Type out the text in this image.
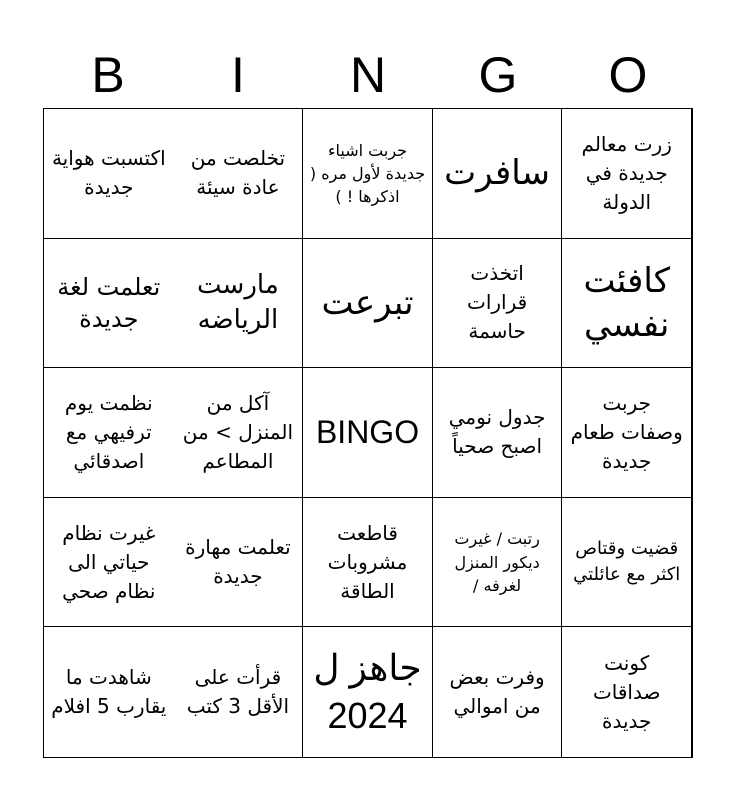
B	I	N	G	O
زرت معالم جديدة في الدولة
سافرت
جربت اشياء جديدة لأول مره ( اذكرها ! )
تخلصت من عادة سيئة
اكتسبت هواية جديدة
كافئت نفسي
اتخذت قرارات حاسمة
تبرعت
مارست الرياضه
تعلمت لغة جديدة
جربت وصفات طعام جديدة
جدول نومي اصبح صحياً
BINGO
آكل من المنزل > من المطاعم
نظمت يوم ترفيهي مع اصدقائي
قضيت وقتاص اكثر مع عائلتي
رتبت / غيرت ديكور المنزل لغرفه /
قاطعت مشروبات الطاقة
تعلمت مهارة جديدة
غيرت نظام حياتي الى نظام صحي
كونت صداقات جديدة
وفرت بعض من اموالي
جاهز ل 2024
قرأت على الأقل 3 كتب
شاهدت ما يقارب 5 افلام
